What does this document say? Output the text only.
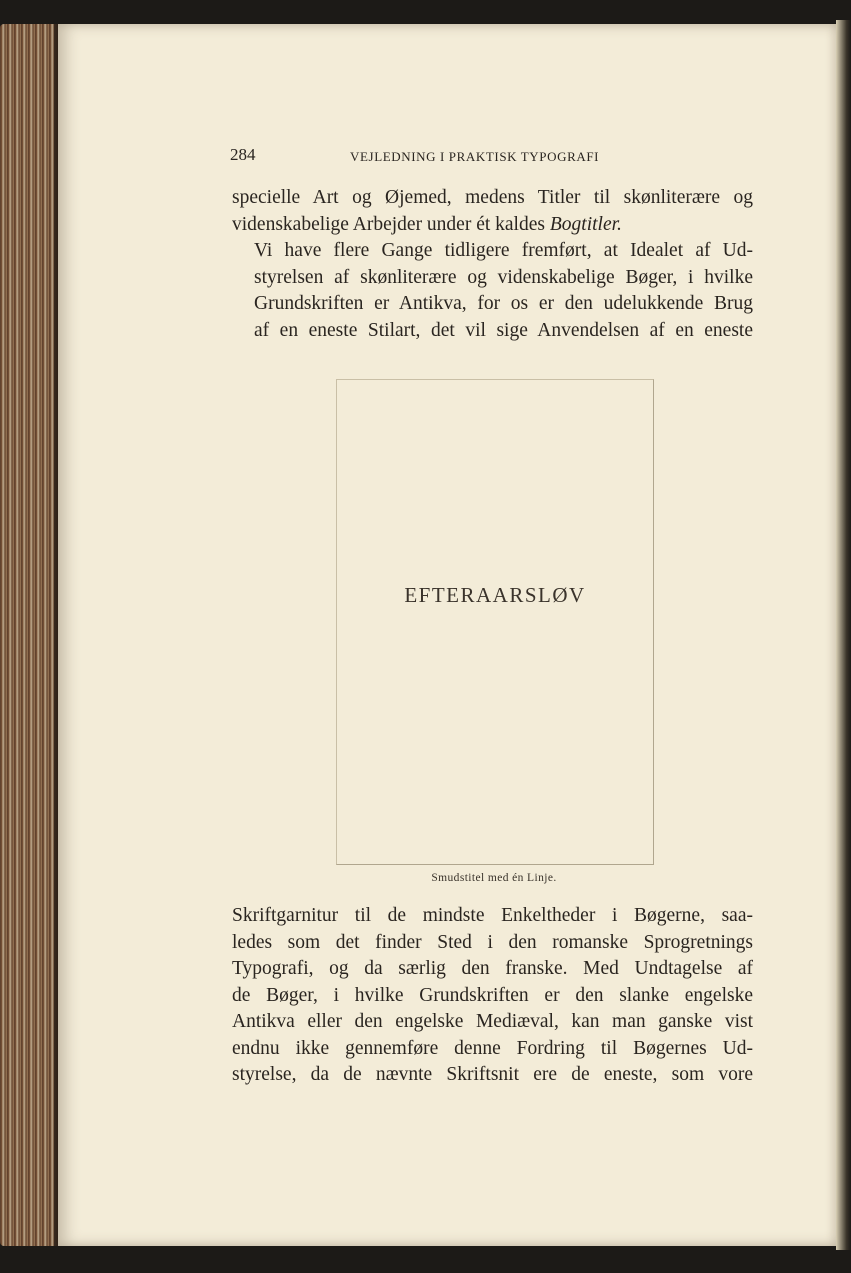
284	VEJLEDNING I PRAKTISK TYPOGRAFI
specielle Art og Øjemed, medens Titler til skønliterære og
videnskabelige Arbejder under ét kaldes Bogtitler.
Vi have flere Gange tidligere fremført, at Idealet af Ud-
styrelsen af skønliterære og videnskabelige Bøger, i hvilke
Grundskriften er Antikva, for os er den udelukkende Brug
af en eneste Stilart, det vil sige Anvendelsen af en eneste
EFTERAARSLØV
Smudstitel med én Linje.
Skriftgarnitur til de mindste Enkeltheder i Bøgerne, saa-
ledes som det finder Sted i den romanske Sprogretnings
Typografi, og da særlig den franske. Med Undtagelse af
de Bøger, i hvilke Grundskriften er den slanke engelske
Antikva eller den engelske Mediæval, kan man ganske vist
endnu ikke gennemføre denne Fordring til Bøgernes Ud-
styrelse, da de nævnte Skriftsnit ere de eneste, som vore
